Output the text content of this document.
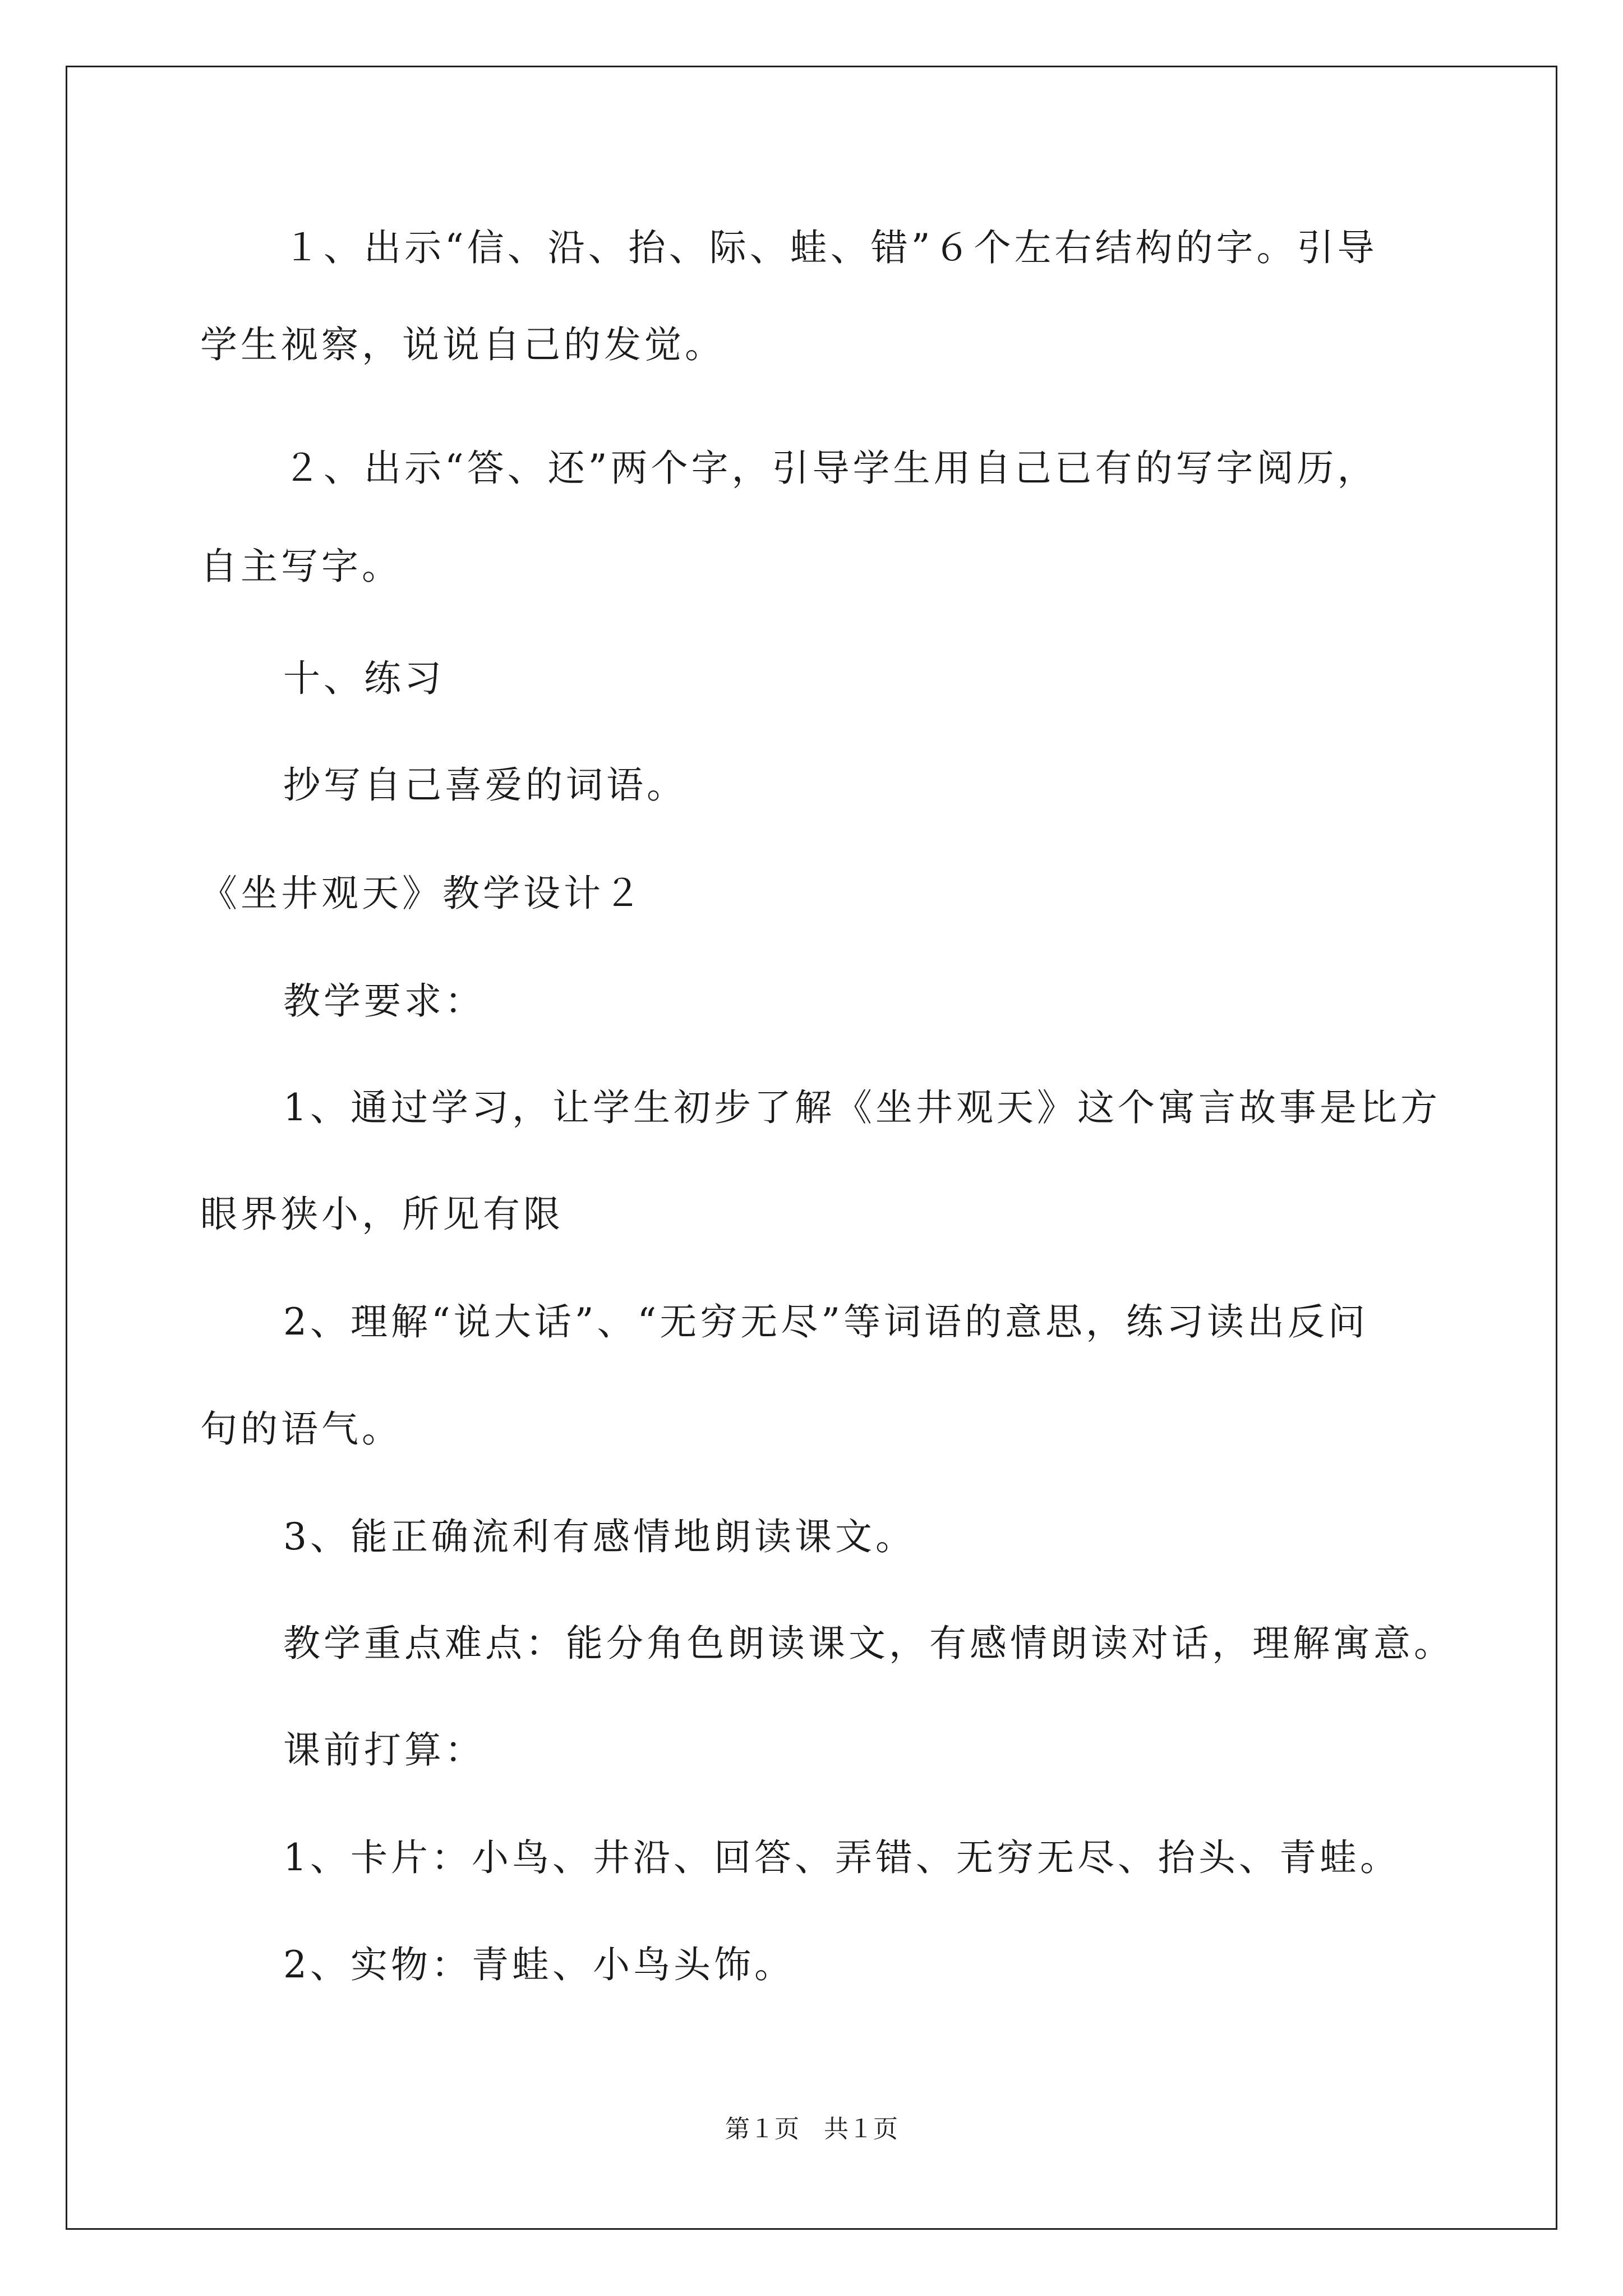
１、出示“信、沿、抬、际、蛙、错”６个左右结构的字。引导
学生视察，说说自己的发觉。
２、出示“答、还”两个字，引导学生用自己已有的写字阅历，
自主写字。
十、练习
抄写自己喜爱的词语。
《坐井观天》教学设计２
教学要求：
1、通过学习，让学生初步了解《坐井观天》这个寓言故事是比方
眼界狭小，所见有限
2、理解“说大话”、“无穷无尽”等词语的意思，练习读出反问
句的语气。
3、能正确流利有感情地朗读课文。
教学重点难点：能分角色朗读课文，有感情朗读对话，理解寓意。
课前打算：
1、卡片：小鸟、井沿、回答、弄错、无穷无尽、抬头、青蛙。
2、实物：青蛙、小鸟头饰。
第１页　共１页
